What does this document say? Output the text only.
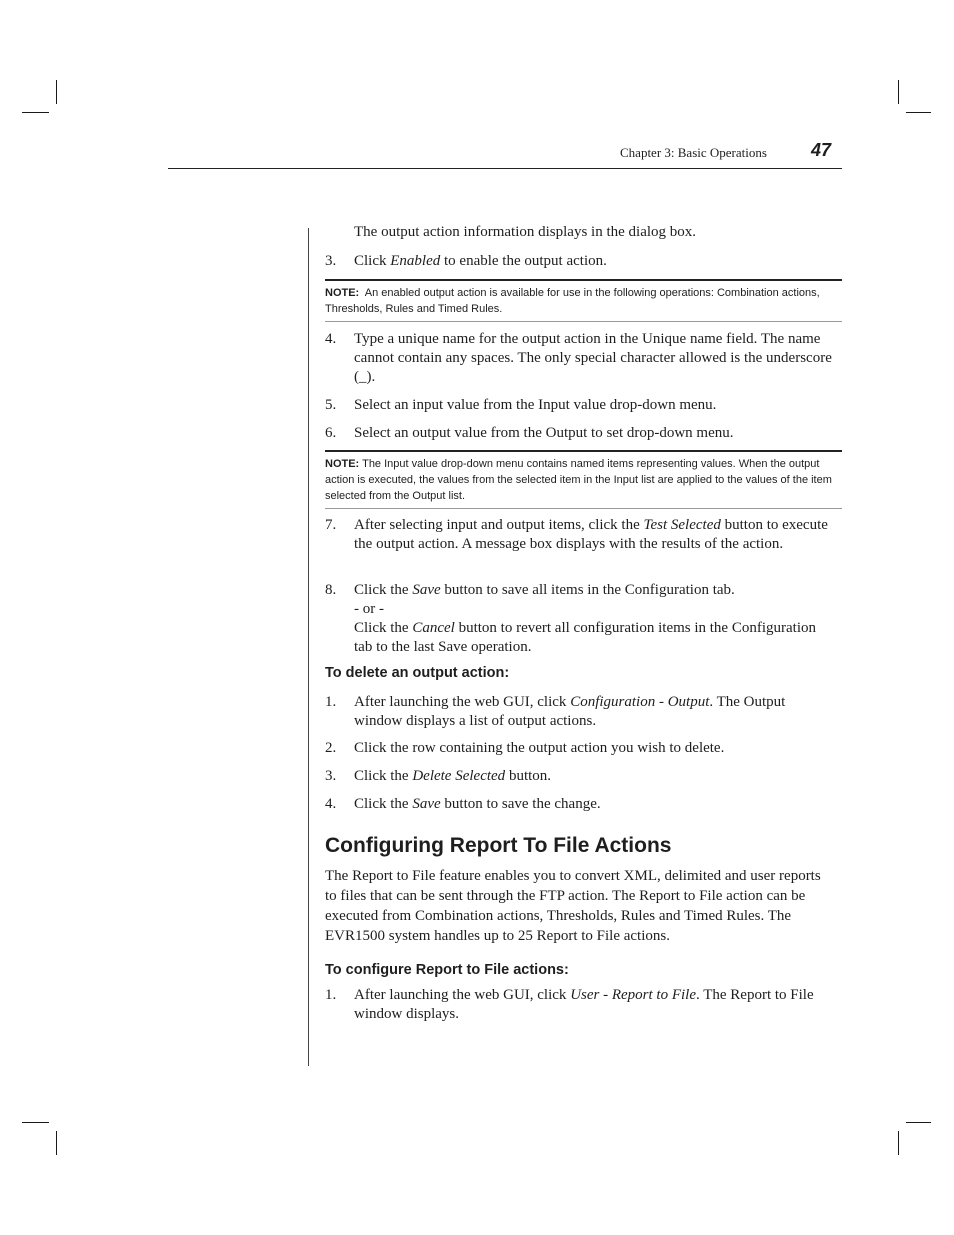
Chapter 3: Basic Operations 47
The output action information displays in the dialog box.
3. Click Enabled to enable the output action.
NOTE: An enabled output action is available for use in the following operations: Combination actions, Thresholds, Rules and Timed Rules.
4. Type a unique name for the output action in the Unique name field. The name cannot contain any spaces. The only special character allowed is the underscore (_).
5. Select an input value from the Input value drop-down menu.
6. Select an output value from the Output to set drop-down menu.
NOTE: The Input value drop-down menu contains named items representing values. When the output action is executed, the values from the selected item in the Input list are applied to the values of the item selected from the Output list.
7. After selecting input and output items, click the Test Selected button to execute the output action. A message box displays with the results of the action.
8. Click the Save button to save all items in the Configuration tab.
- or -
Click the Cancel button to revert all configuration items in the Configuration tab to the last Save operation.
To delete an output action:
1. After launching the web GUI, click Configuration - Output. The Output window displays a list of output actions.
2. Click the row containing the output action you wish to delete.
3. Click the Delete Selected button.
4. Click the Save button to save the change.
Configuring Report To File Actions
The Report to File feature enables you to convert XML, delimited and user reports to files that can be sent through the FTP action. The Report to File action can be executed from Combination actions, Thresholds, Rules and Timed Rules. The EVR1500 system handles up to 25 Report to File actions.
To configure Report to File actions:
1. After launching the web GUI, click User - Report to File. The Report to File window displays.
